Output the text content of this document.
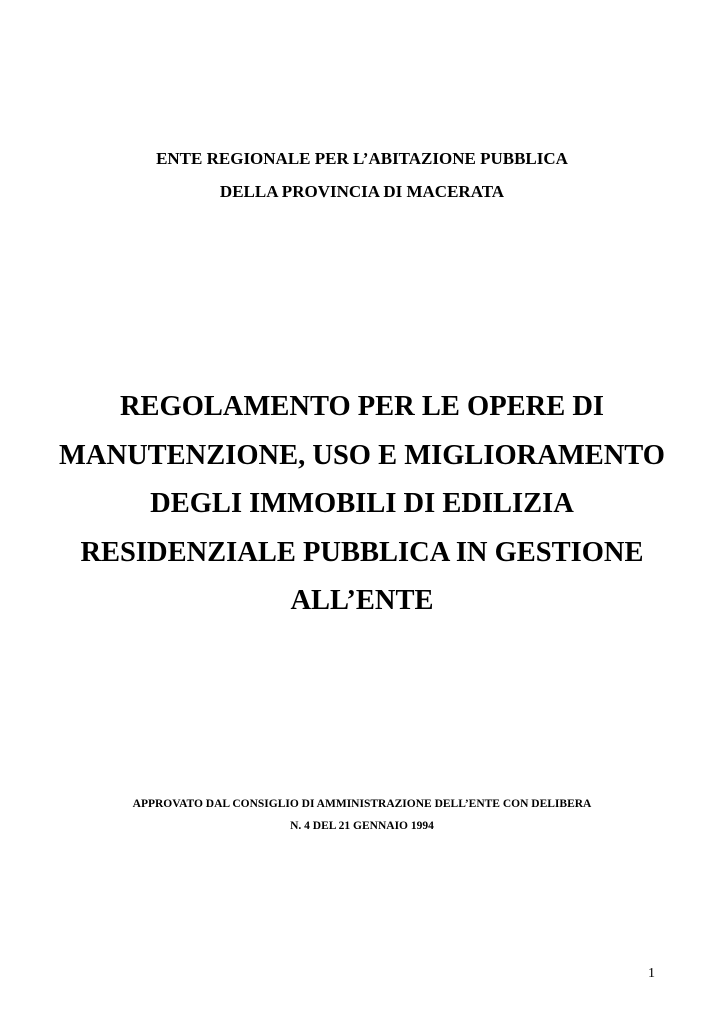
ENTE REGIONALE PER L’ABITAZIONE PUBBLICA
DELLA PROVINCIA DI MACERATA
REGOLAMENTO PER LE OPERE DI
MANUTENZIONE, USO E MIGLIORAMENTO
DEGLI IMMOBILI DI EDILIZIA
RESIDENZIALE PUBBLICA IN GESTIONE
ALL’ENTE
APPROVATO DAL CONSIGLIO DI AMMINISTRAZIONE DELL’ENTE CON DELIBERA
N. 4 DEL 21 GENNAIO 1994
1
